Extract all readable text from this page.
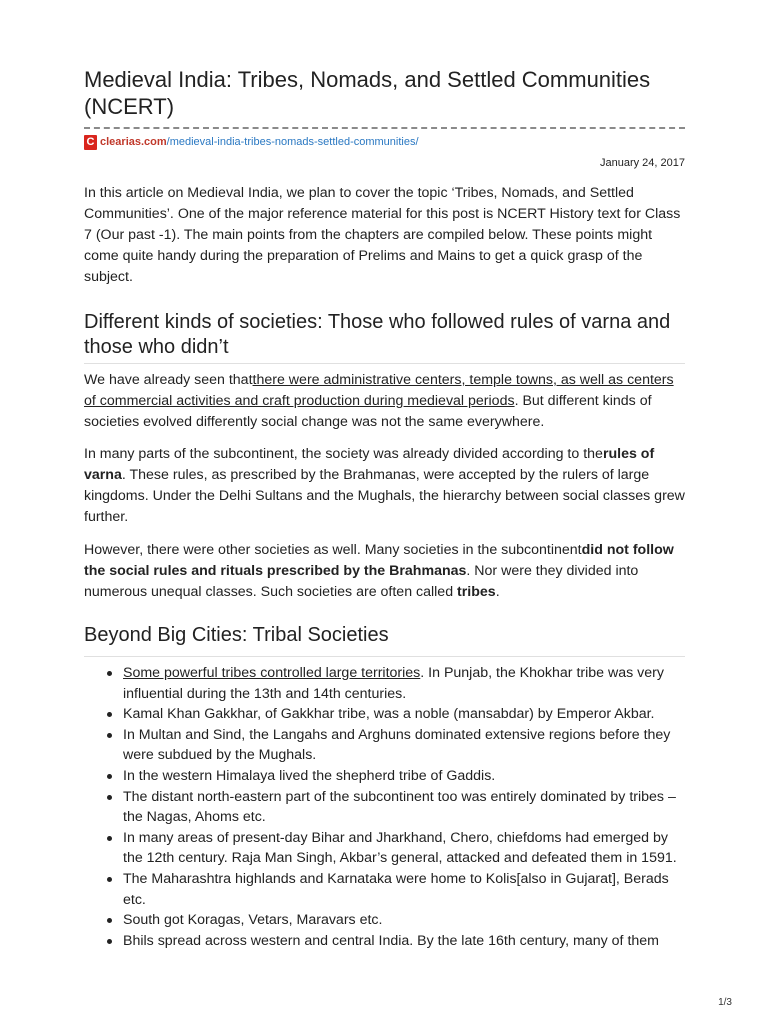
Medieval India: Tribes, Nomads, and Settled Communities (NCERT)
C clearias.com /medieval-india-tribes-nomads-settled-communities/
January 24, 2017

In this article on Medieval India, we plan to cover the topic ‘Tribes, Nomads, and Settled Communities’. One of the major reference material for this post is NCERT History text for Class 7 (Our past -1). The main points from the chapters are compiled below. These points might come quite handy during the preparation of Prelims and Mains to get a quick grasp of the subject.

Different kinds of societies: Those who followed rules of varna and those who didn’t

We have already seen thatthere were administrative centers, temple towns, as well as centers of commercial activities and craft production during medieval periods. But different kinds of societies evolved differently social change was not the same everywhere.

In many parts of the subcontinent, the society was already divided according to therules of varna. These rules, as prescribed by the Brahmanas, were accepted by the rulers of large kingdoms. Under the Delhi Sultans and the Mughals, the hierarchy between social classes grew further.

However, there were other societies as well. Many societies in the subcontinentdid not follow the social rules and rituals prescribed by the Brahmanas. Nor were they divided into numerous unequal classes. Such societies are often called tribes.

Beyond Big Cities: Tribal Societies
Some powerful tribes controlled large territories. In Punjab, the Khokhar tribe was very influential during the 13th and 14th centuries.
Kamal Khan Gakkhar, of Gakkhar tribe, was a noble (mansabdar) by Emperor Akbar.
In Multan and Sind, the Langahs and Arghuns dominated extensive regions before they were subdued by the Mughals.
In the western Himalaya lived the shepherd tribe of Gaddis.
The distant north-eastern part of the subcontinent too was entirely dominated by tribes – the Nagas, Ahoms etc.
In many areas of present-day Bihar and Jharkhand, Chero, chiefdoms had emerged by the 12th century. Raja Man Singh, Akbar’s general, attacked and defeated them in 1591.
The Maharashtra highlands and Karnataka were home to Kolis[also in Gujarat], Berads etc.
South got Koragas, Vetars, Maravars etc.
Bhils spread across western and central India. By the late 16th century, many of them
1/3
